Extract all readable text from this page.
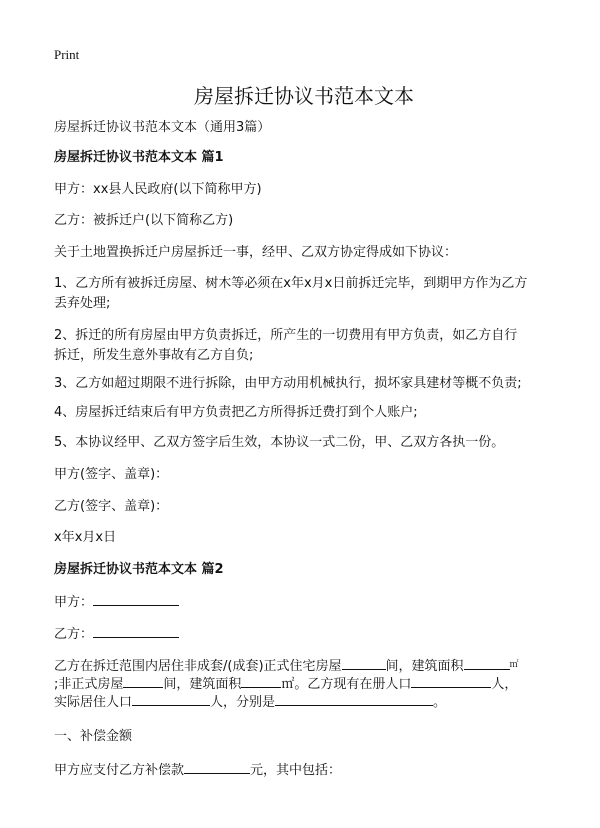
Print
房屋拆迁协议书范本文本
房屋拆迁协议书范本文本（通用3篇）
房屋拆迁协议书范本文本 篇1
甲方：xx县人民政府(以下简称甲方)
乙方：被拆迁户(以下简称乙方)
关于土地置换拆迁户房屋拆迁一事，经甲、乙双方协定得成如下协议：
1、乙方所有被拆迁房屋、树木等必须在x年x月x日前拆迁完毕，到期甲方作为乙方
丢弃处理;
2、拆迁的所有房屋由甲方负责拆迁，所产生的一切费用有甲方负责，如乙方自行
拆迁，所发生意外事故有乙方自负;
3、乙方如超过期限不进行拆除，由甲方动用机械执行，损坏家具建材等概不负责;
4、房屋拆迁结束后有甲方负责把乙方所得拆迁费打到个人账户;
5、本协议经甲、乙双方签字后生效，本协议一式二份，甲、乙双方各执一份。
甲方(签字、盖章)：
乙方(签字、盖章)：
x年x月x日
房屋拆迁协议书范本文本 篇2
甲方：
乙方：
乙方在拆迁范围内居住非成套/(成套)正式住宅房屋	间，建筑面积	㎡
;非正式房屋	间，建筑面积	㎡。乙方现有在册人口	人，
实际居住人口	人，分别是	。
一、补偿金额
甲方应支付乙方补偿款	元，其中包括：
